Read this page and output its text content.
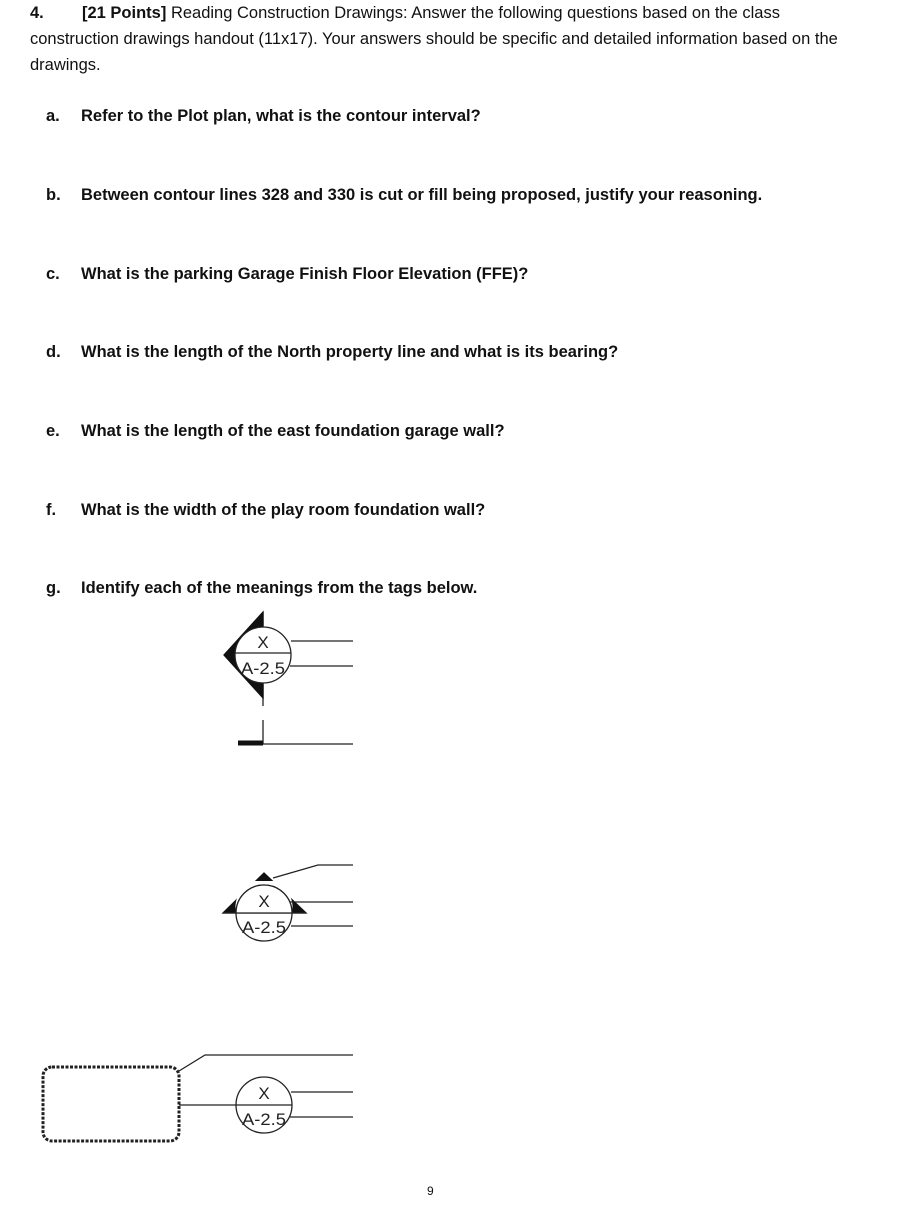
4. [21 Points] Reading Construction Drawings: Answer the following questions based on the class construction drawings handout (11x17). Your answers should be specific and detailed information based on the drawings.
a. Refer to the Plot plan, what is the contour interval?
b. Between contour lines 328 and 330 is cut or fill being proposed, justify your reasoning.
c. What is the parking Garage Finish Floor Elevation (FFE)?
d. What is the length of the North property line and what is its bearing?
e. What is the length of the east foundation garage wall?
f. What is the width of the play room foundation wall?
g. Identify each of the meanings from the tags below.
X
A-2.5
X
A-2.5
X
A-2.5
9
